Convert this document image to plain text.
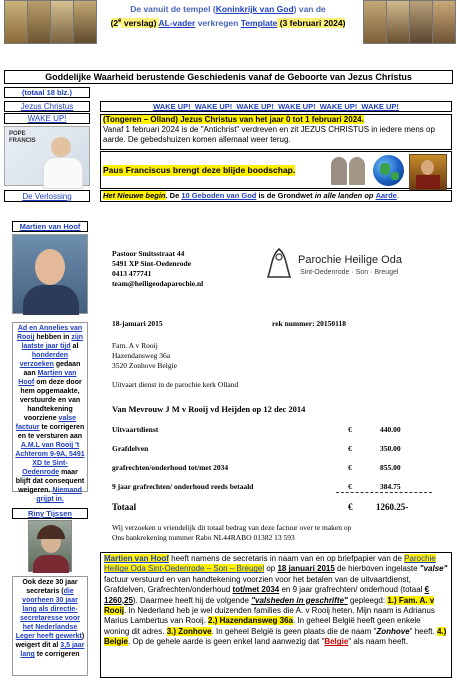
De vanuit de tempel (Koninkrijk van God) van de
(2e verslag) AL-vader verkregen Template (3 februari 2024)
Goddelijke Waarheid berustende Geschiedenis vanaf de Geboorte van Jezus Christus
(totaal 18 blz.)
Jezus Christus
WAKE UP!
POPE FRANCIS
De Verlossing
WAKE UP!  WAKE UP!  WAKE UP!  WAKE UP!  WAKE UP!  WAKE UP!
(Tongeren – Olland) Jezus Christus van het jaar 0 tot 1 februari 2024.
Vanaf 1 februari 2024 is de "Antichrist" verdreven en zit JEZUS CHRISTUS in iedere mens op aarde. De gebedshuizen komen allemaal weer terug.
Paus Franciscus brengt deze blijde boodschap.
Het Nieuwe begin. De 10 Geboden van God is de Grondwet in alle landen op Aarde.
Martien van Hoof
Ad en Annelies van Rooij hebben in zijn laatste jaar tijd al honderden verzoeken gedaan aan Martien van Hoof om deze door hem opgemaakte, verstuurde en van handtekening voorziene valse factuur te corrigeren en te versturen aan A.M.L van Rooij 't Achterom 9-9A, 5491 XD te Sint-Oedenrode maar blijft dat consequent weigeren. Niemand grijpt in.
Riny Tijssen
Ook deze 30 jaar secretaris (die voorheen 30 jaar lang als directie-secretaresse voor het Nederlandse Leger heeft gewerkt) weigert dit al 3,5 jaar lang te corrigeren
Pastoor Smitsstraat 44
5491 XP Sint-Oedenrode
0413 477741
team@heiligeodaparochie.nl
Parochie Heilige Oda
Sint-Oedenrode · Son · Breugel
18-januari 2015	rek nummer: 20150118
Fam. A v Rooij
Hazendansweg 36a
3520 Zonhove Belgie
Uitvaart dienst in de parochie kerk Olland
Van Mevrouw J M v Rooij vd Heijden op 12 dec 2014
Uitvaartdienst	€	440.00
Grafdelven	€	350.00
grafrechten/onderhoud tot/met 2034	€	855.00
9 jaar grafrechten/ onderhoud reeds betaald	€	384.75
Totaal	€	1260.25-
Wij verzoeken u vriendelijk dit totaal bedrag van deze factuur over te maken op
Ons bankrekening nummer Rabo NL44RABO 01382 13 593
Martien van Hoof heeft namens de secretaris in naam van en op briefpapier van de Parochie Heilige Oda Sint-Oedenrode – Son – Breugel op 18 januari 2015 de hierboven ingelaste "valse" factuur verstuurd en van handtekening voorzien voor het betalen van de uitvaartdienst, Grafdelven, Grafrechten/onderhoud tot/met 2034 en 9 jaar grafrechten/ onderhoud (totaal € 1260,25). Daarmee heeft hij de volgende "valsheden in geschrifte" gepleegd: 1.) Fam. A. v Rooij. In Nederland heb je wel duizenden families die A. v Rooij heten. Mijn naam is Adrianus Marius Lambertus van Rooij. 2.) Hazendansweg 36a. In geheel België heeft geen enkele woning dit adres. 3.) Zonhove. In geheel België is geen plaats die de naam "Zonhove" heeft. 4.) Belgie. Op de gehele aarde is geen enkel land aanwezig dat "Belgie" als naam heeft.
